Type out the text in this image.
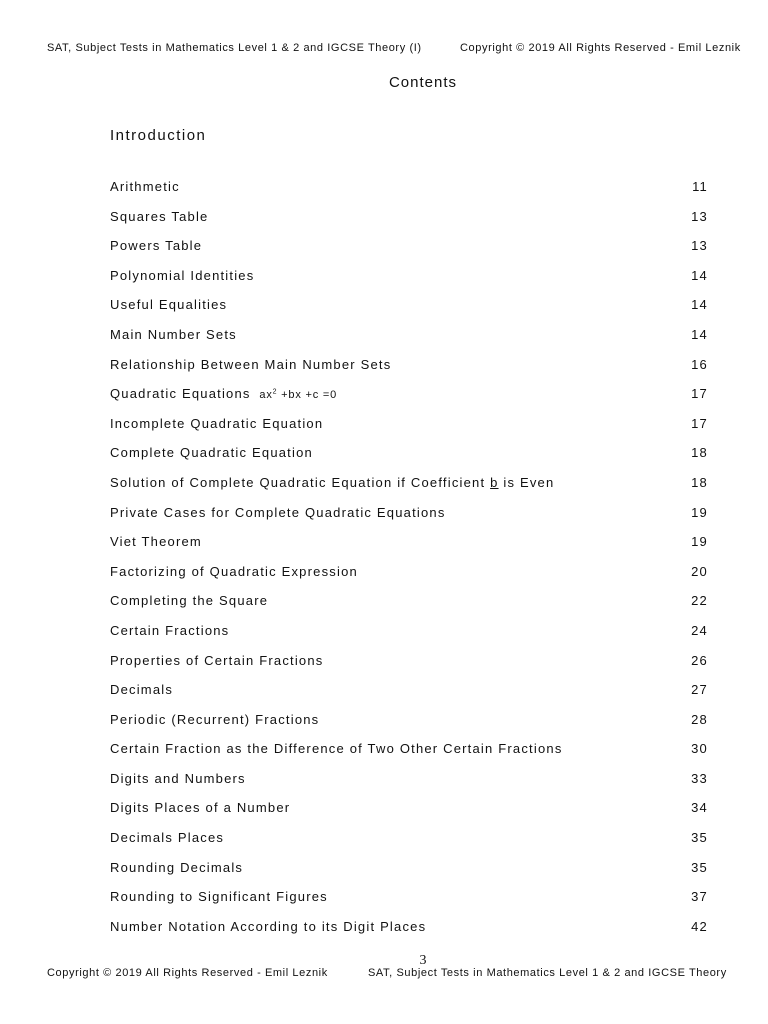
SAT, Subject Tests in Mathematics Level 1 & 2 and IGCSE Theory (I)	Copyright © 2019 All Rights Reserved - Emil Leznik
Contents
Introduction
Arithmetic	11
Squares Table	13
Powers Table	13
Polynomial Identities	14
Useful Equalities	14
Main Number Sets	14
Relationship Between Main Number Sets	16
Quadratic Equations $ax^2 +bx +c =0$	17
Incomplete Quadratic Equation	17
Complete Quadratic Equation	18
Solution of Complete Quadratic Equation if Coefficient b is Even	18
Private Cases for Complete Quadratic Equations	19
Viet Theorem	19
Factorizing of Quadratic Expression	20
Completing the Square	22
Certain Fractions	24
Properties of Certain Fractions	26
Decimals	27
Periodic (Recurrent) Fractions	28
Certain Fraction as the Difference of Two Other Certain Fractions	30
Digits and Numbers	33
Digits Places of a Number	34
Decimals Places	35
Rounding Decimals	35
Rounding to Significant Figures	37
Number Notation According to its Digit Places	42
3
Copyright © 2019 All Rights Reserved - Emil Leznik	SAT, Subject Tests in Mathematics Level 1 & 2 and IGCSE Theory
